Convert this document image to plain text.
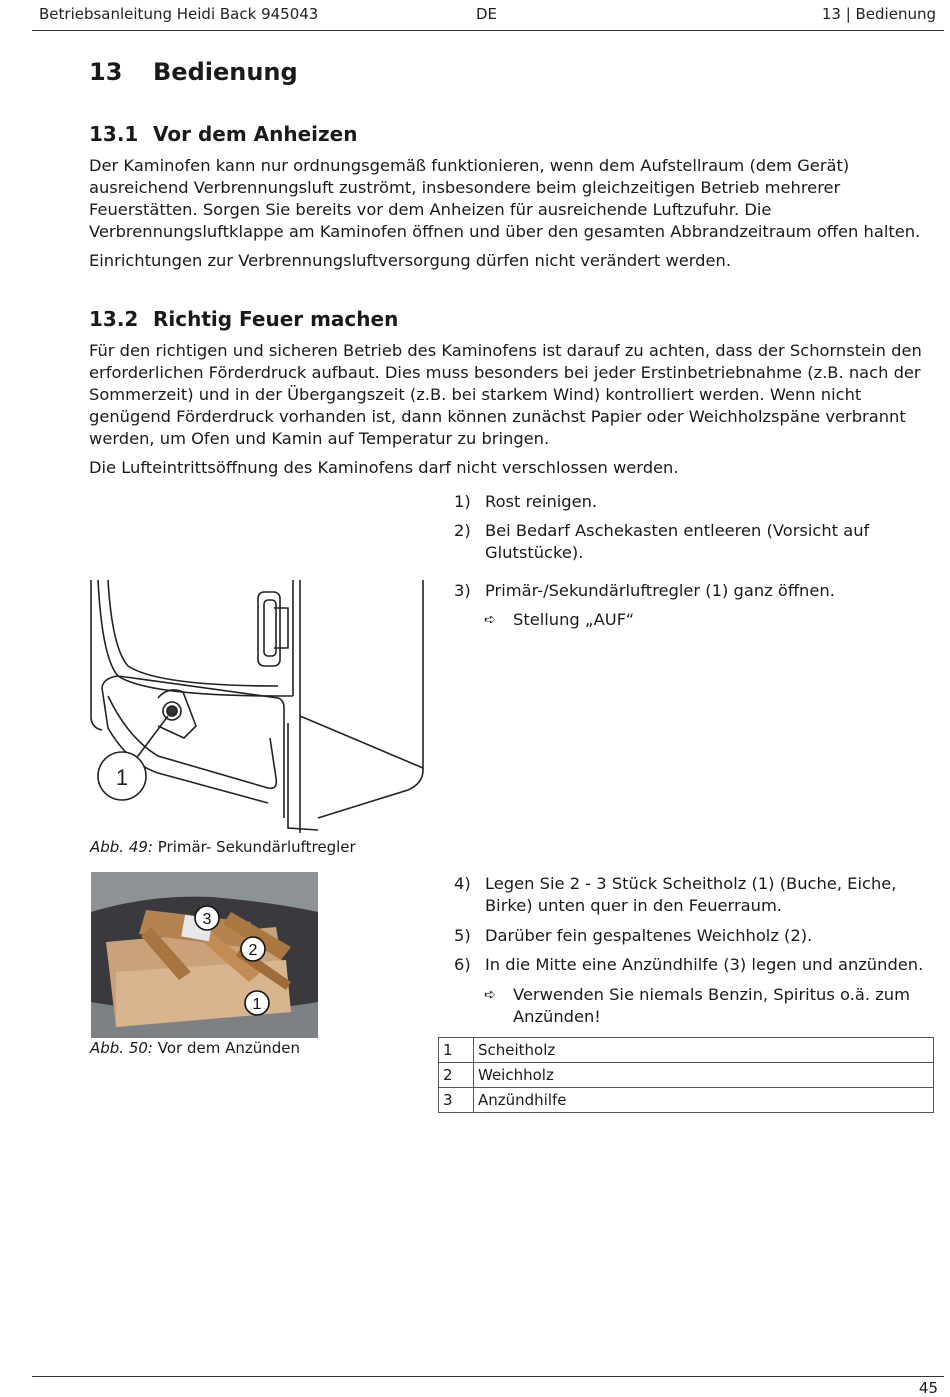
Betriebsanleitung Heidi Back 945043	DE	13 | Bedienung
13 Bedienung
13.1 Vor dem Anheizen

Der Kaminofen kann nur ordnungsgemäß funktionieren, wenn dem Aufstellraum (dem Gerät) ausreichend Verbrennungsluft zuströmt, insbesondere beim gleichzeitigen Betrieb mehrerer Feuerstätten. Sorgen Sie bereits vor dem Anheizen für ausreichende Luftzufuhr. Die Verbrennungsluftklappe am Kaminofen öffnen und über den gesamten Abbrandzeitraum offen halten.

Einrichtungen zur Verbrennungsluftversorgung dürfen nicht verändert werden.

13.2 Richtig Feuer machen

Für den richtigen und sicheren Betrieb des Kaminofens ist darauf zu achten, dass der Schornstein den erforderlichen Förderdruck aufbaut. Dies muss besonders bei jeder Erstinbetriebnahme (z.B. nach der Sommerzeit) und in der Übergangszeit (z.B. bei starkem Wind) kontrolliert werden. Wenn nicht genügend Förderdruck vorhanden ist, dann können zunächst Papier oder Weichholzspäne verbrannt werden, um Ofen und Kamin auf Temperatur zu bringen.

Die Lufteintrittsöffnung des Kaminofens darf nicht verschlossen werden.

1) Rost reinigen.
2) Bei Bedarf Aschekasten entleeren (Vorsicht auf Glutstücke).
3) Primär-/Sekundärluftregler (1) ganz öffnen.
➪ Stellung „AUF“
4) Legen Sie 2 - 3 Stück Scheitholz (1) (Buche, Eiche, Birke) unten quer in den Feuerraum.
5) Darüber fein gespaltenes Weichholz (2).
6) In die Mitte eine Anzündhilfe (3) legen und anzünden.
➪ Verwenden Sie niemals Benzin, Spiritus o.ä. zum Anzünden!
1
Abb. 49: Primär- Sekundärluftregler
3
2
1
Abb. 50: Vor dem Anzünden	1	Scheitholz
2	Weichholz
3	Anzündhilfe
45
